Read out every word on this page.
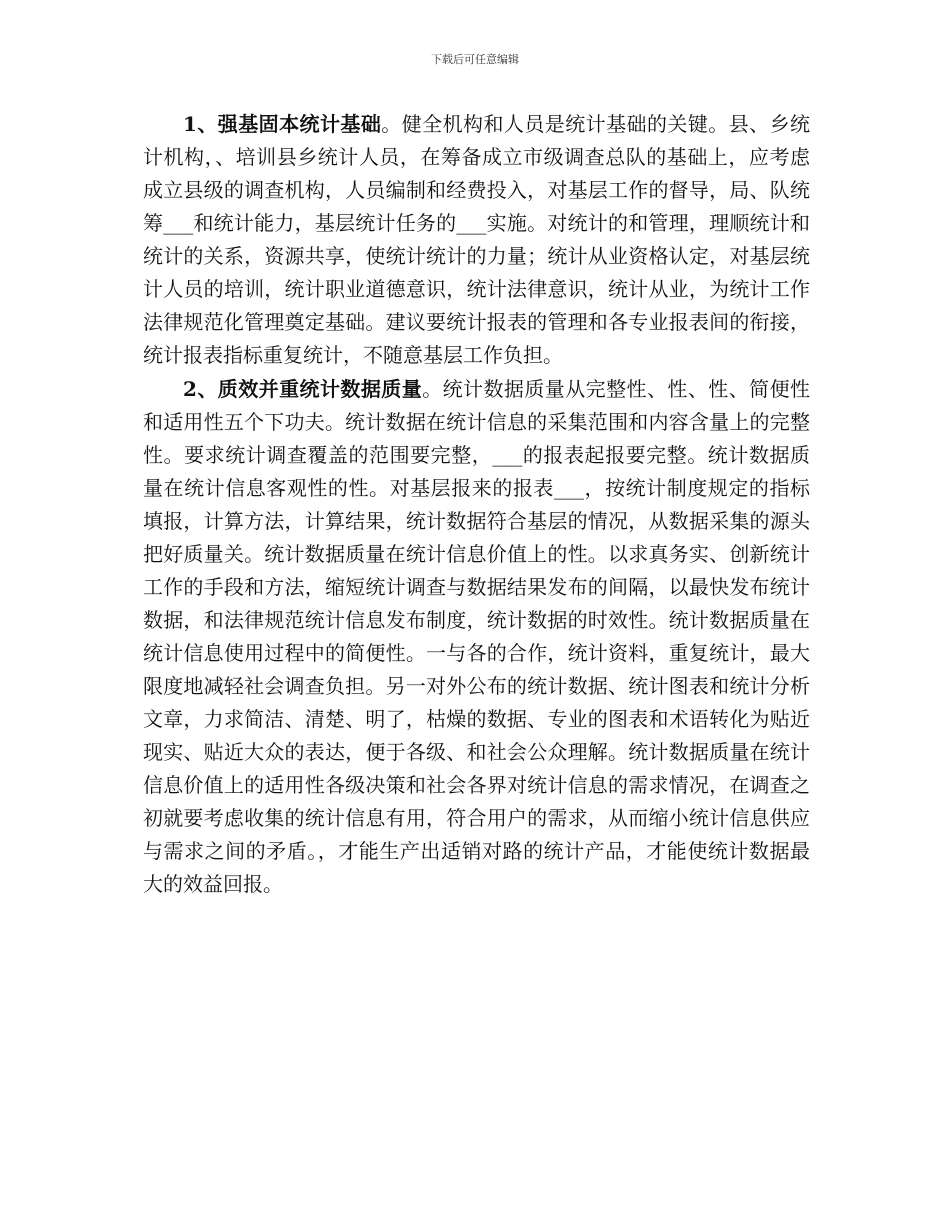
下载后可任意编辑

1、强基固本统计基础。健全机构和人员是统计基础的关键。县、乡统计机构，、培训县乡统计人员，在筹备成立市级调查总队的基础上，应考虑成立县级的调查机构，人员编制和经费投入，对基层工作的督导，局、队统筹___和统计能力，基层统计任务的___实施。对统计的和管理，理顺统计和统计的关系，资源共享，使统计统计的力量；统计从业资格认定，对基层统计人员的培训，统计职业道德意识，统计法律意识，统计从业，为统计工作法律规范化管理奠定基础。建议要统计报表的管理和各专业报表间的衔接，统计报表指标重复统计，不随意基层工作负担。

2、质效并重统计数据质量。统计数据质量从完整性、性、性、简便性和适用性五个下功夫。统计数据在统计信息的采集范围和内容含量上的完整性。要求统计调查覆盖的范围要完整，___的报表起报要完整。统计数据质量在统计信息客观性的性。对基层报来的报表___，按统计制度规定的指标填报，计算方法，计算结果，统计数据符合基层的情况，从数据采集的源头把好质量关。统计数据质量在统计信息价值上的性。以求真务实、创新统计工作的手段和方法，缩短统计调查与数据结果发布的间隔，以最快发布统计数据，和法律规范统计信息发布制度，统计数据的时效性。统计数据质量在统计信息使用过程中的简便性。一与各的合作，统计资料，重复统计，最大限度地减轻社会调查负担。另一对外公布的统计数据、统计图表和统计分析文章，力求简洁、清楚、明了，枯燥的数据、专业的图表和术语转化为贴近现实、贴近大众的表达，便于各级、和社会公众理解。统计数据质量在统计信息价值上的适用性各级决策和社会各界对统计信息的需求情况，在调查之初就要考虑收集的统计信息有用，符合用户的需求，从而缩小统计信息供应与需求之间的矛盾。，才能生产出适销对路的统计产品，才能使统计数据最大的效益回报。
